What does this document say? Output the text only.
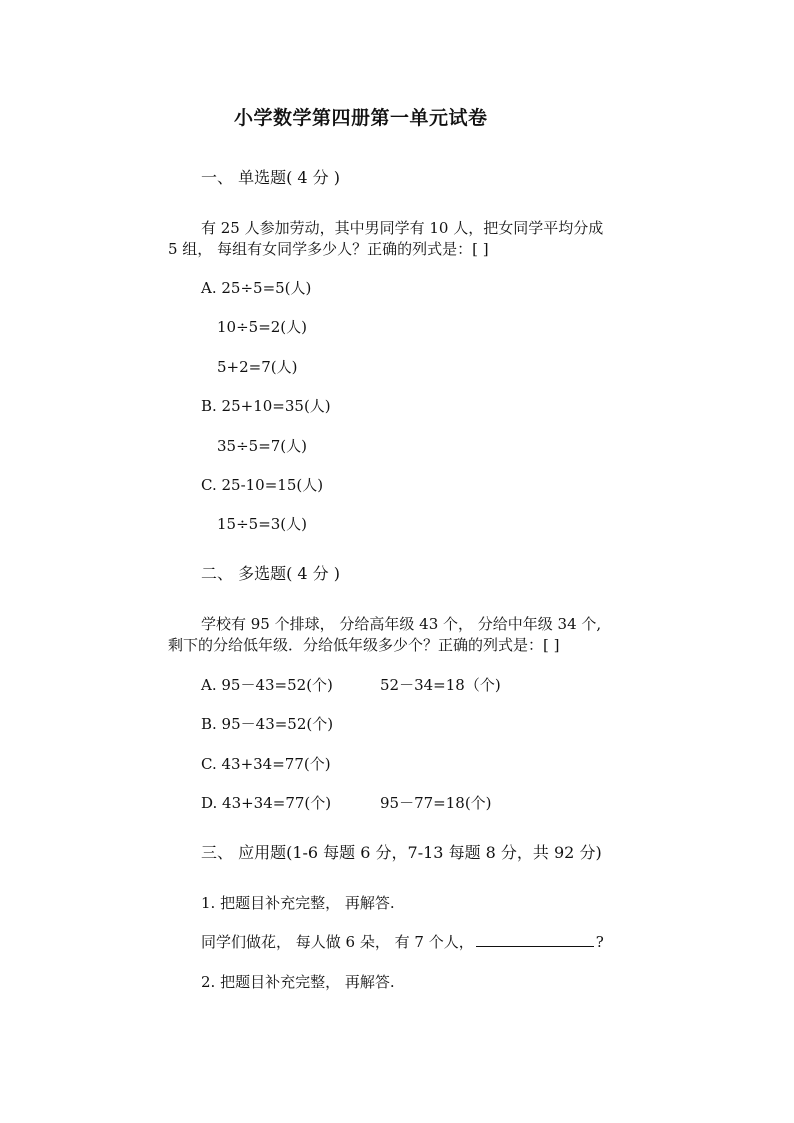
小学数学第四册第一单元试卷
一、 单选题( 4 分 )
有 25 人参加劳动，其中男同学有 10 人，把女同学平均分成
5 组， 每组有女同学多少人？正确的列式是：[ ]
A. 25÷5=5(人)
10÷5=2(人)
5+2=7(人)
B. 25+10=35(人)
35÷5=7(人)
C. 25-10=15(人)
15÷5=3(人)
二、 多选题( 4 分 )
学校有 95 个排球， 分给高年级 43 个， 分给中年级 34 个,
剩下的分给低年级．分给低年级多少个？正确的列式是：[ ]
A. 95－43=52(个)	52－34=18（个)
B. 95－43=52(个)
C. 43+34=77(个)
D. 43+34=77(个)	95－77=18(个)
三、 应用题(1-6 每题 6 分，7-13 每题 8 分，共 92 分)
1. 把题目补充完整， 再解答.
同学们做花， 每人做 6 朵， 有 7 个人，	?
2. 把题目补充完整， 再解答.
